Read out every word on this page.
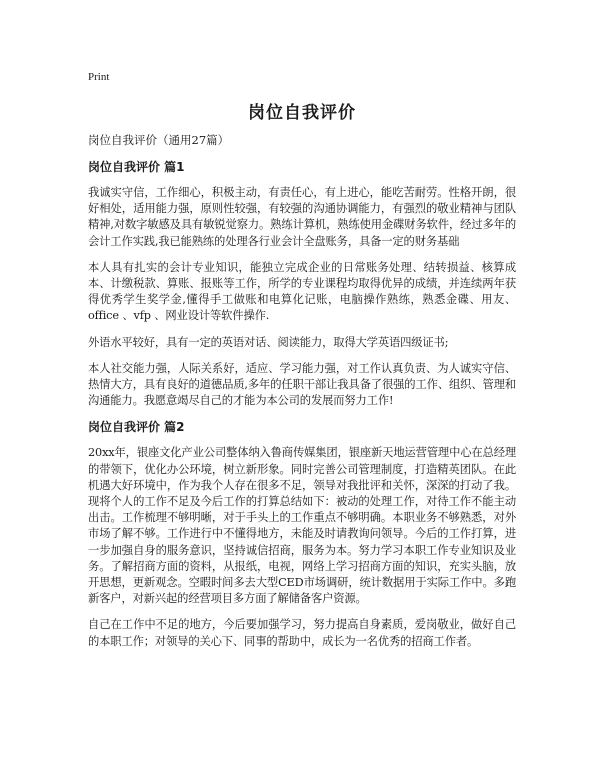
Print
岗位自我评价

岗位自我评价（通用27篇）

岗位自我评价 篇1

我诚实守信，工作细心，积极主动，有责任心，有上进心，能吃苦耐劳。性格开朗，很好相处，适用能力强，原则性较强，有较强的沟通协调能力，有强烈的敬业精神与团队精神,对数字敏感及具有敏锐觉察力。熟练计算机，熟练使用金碟财务软件，经过多年的会计工作实践,我已能熟练的处理各行业会计全盘账务，具备一定的财务基础

本人具有扎实的会计专业知识，能独立完成企业的日常账务处理、结转损益、核算成本、计缴税款、算账、报账等工作，所学的专业课程均取得优异的成绩，并连续两年获得优秀学生奖学金,懂得手工做账和电算化记账，电脑操作熟练，熟悉金碟、用友、office 、vfp 、网业设计等软件操作.

外语水平较好，具有一定的英语对话、阅读能力，取得大学英语四级证书;

本人社交能力强，人际关系好，适应、学习能力强，对工作认真负责、为人诚实守信、热情大方，具有良好的道德品质,多年的任职干部让我具备了很强的工作、组织、管理和沟通能力。我愿意竭尽自己的才能为本公司的发展而努力工作!

岗位自我评价 篇2

20xx年，银座文化产业公司整体纳入鲁商传媒集团，银座新天地运营管理中心在总经理的带领下，优化办公环境，树立新形象。同时完善公司管理制度，打造精英团队。在此机遇大好环境中，作为我个人存在很多不足，领导对我批评和关怀，深深的打动了我。现将个人的工作不足及今后工作的打算总结如下：被动的处理工作，对待工作不能主动出击。工作梳理不够明晰，对于手头上的工作重点不够明确。本职业务不够熟悉，对外市场了解不够。工作进行中不懂得地方，未能及时请教询问领导。今后的工作打算，进一步加强自身的服务意识，坚持诚信招商，服务为本。努力学习本职工作专业知识及业务。了解招商方面的资料，从报纸，电视，网络上学习招商方面的知识，充实头脑，放开思想，更新观念。空暇时间多去大型CED市场调研，统计数据用于实际工作中。多跑新客户，对新兴起的经营项目多方面了解储备客户资源。

自己在工作中不足的地方，今后要加强学习，努力提高自身素质，爱岗敬业，做好自己的本职工作；对领导的关心下、同事的帮助中，成长为一名优秀的招商工作者。
